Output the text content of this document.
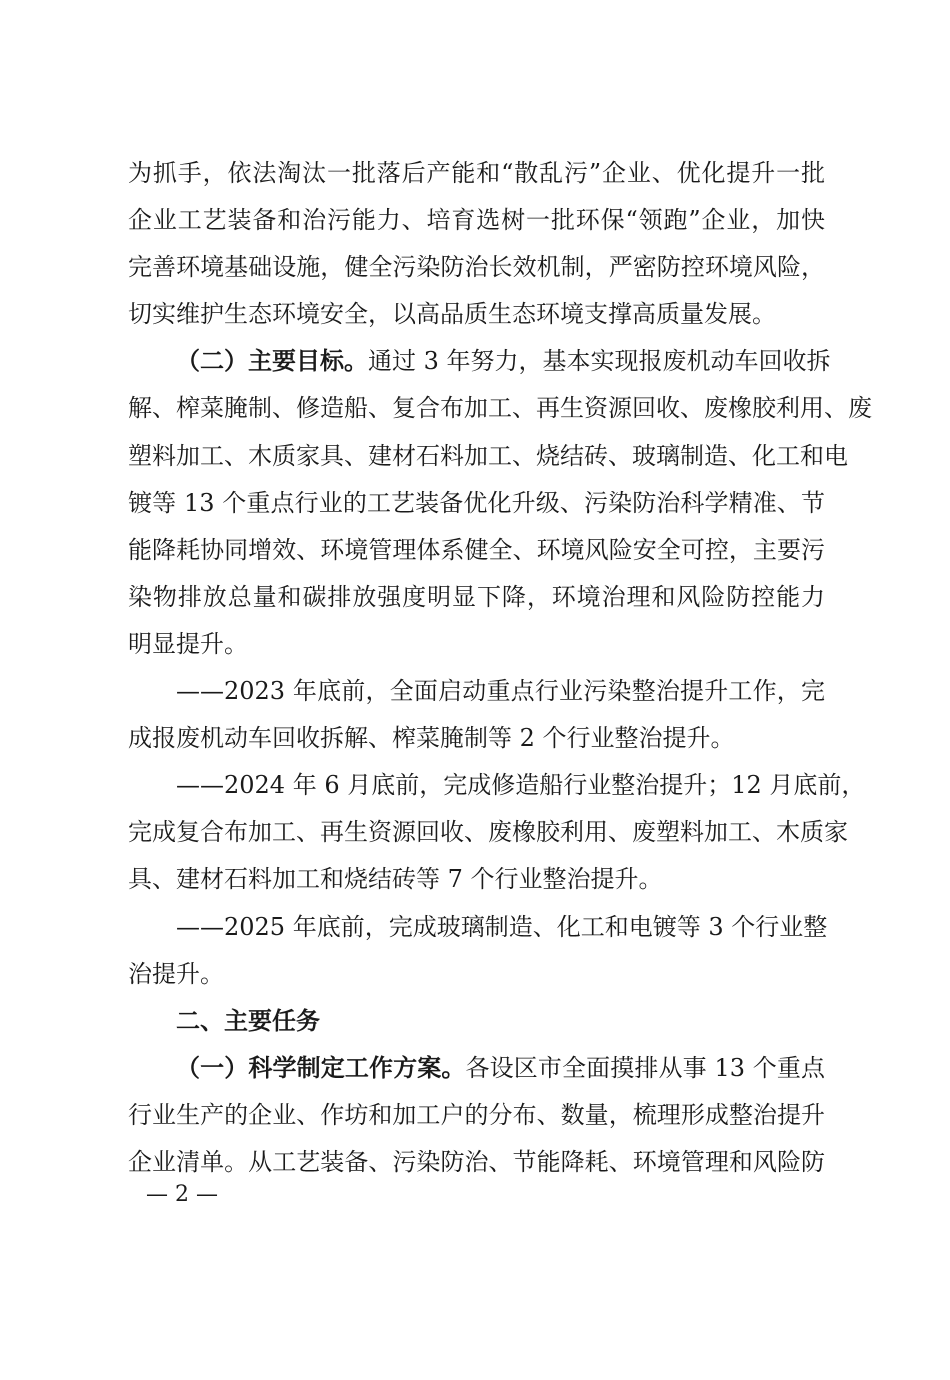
为抓手，依法淘汰一批落后产能和“散乱污”企业、优化提升一批
企业工艺装备和治污能力、培育选树一批环保“领跑”企业，加快
完善环境基础设施，健全污染防治长效机制，严密防控环境风险，
切实维护生态环境安全，以高品质生态环境支撑高质量发展。
（二）主要目标。通过 3 年努力，基本实现报废机动车回收拆
解、榨菜腌制、修造船、复合布加工、再生资源回收、废橡胶利用、废
塑料加工、木质家具、建材石料加工、烧结砖、玻璃制造、化工和电
镀等 13 个重点行业的工艺装备优化升级、污染防治科学精准、节
能降耗协同增效、环境管理体系健全、环境风险安全可控，主要污
染物排放总量和碳排放强度明显下降，环境治理和风险防控能力
明显提升。
——2023 年底前，全面启动重点行业污染整治提升工作，完
成报废机动车回收拆解、榨菜腌制等 2 个行业整治提升。
——2024 年 6 月底前，完成修造船行业整治提升；12 月底前，
完成复合布加工、再生资源回收、废橡胶利用、废塑料加工、木质家
具、建材石料加工和烧结砖等 7 个行业整治提升。
——2025 年底前，完成玻璃制造、化工和电镀等 3 个行业整
治提升。
二、主要任务
（一）科学制定工作方案。各设区市全面摸排从事 13 个重点
行业生产的企业、作坊和加工户的分布、数量，梳理形成整治提升
企业清单。从工艺装备、污染防治、节能降耗、环境管理和风险防
— 2 —
